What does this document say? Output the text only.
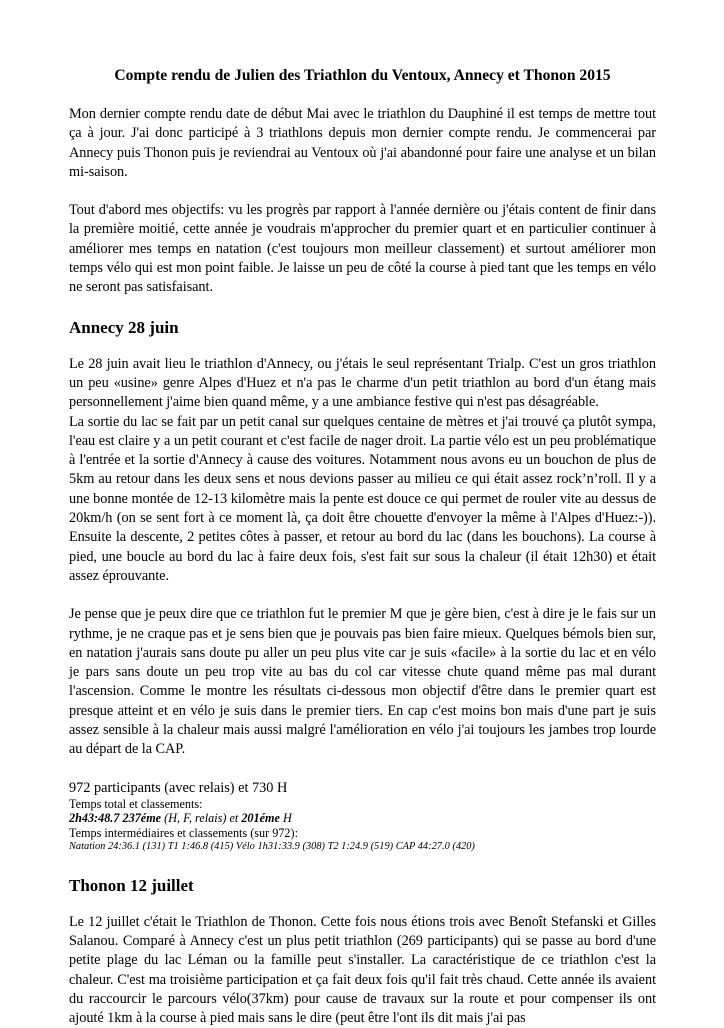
Compte rendu de Julien des Triathlon du Ventoux, Annecy et Thonon 2015

Mon dernier compte rendu date de début Mai avec le triathlon du Dauphiné il est temps de mettre tout ça à jour. J'ai donc participé à 3 triathlons depuis mon dernier compte rendu. Je commencerai par Annecy puis Thonon puis je reviendrai au Ventoux où j'ai abandonné pour faire une analyse et un bilan mi-saison.

Tout d'abord mes objectifs: vu les progrès par rapport à l'année dernière ou j'étais content de finir dans la première moitié, cette année je voudrais m'approcher du premier quart et en particulier continuer à améliorer mes temps en natation (c'est toujours mon meilleur classement) et surtout améliorer mon temps vélo qui est mon point faible. Je laisse un peu de côté la course à pied tant que les temps en vélo ne seront pas satisfaisant.

Annecy 28 juin

Le 28 juin avait lieu le triathlon d'Annecy, ou j'étais le seul représentant Trialp. C'est un gros triathlon un peu «usine» genre Alpes d'Huez et n'a pas le charme d'un petit triathlon au bord d'un étang mais personnellement j'aime bien quand même, y a une ambiance festive qui n'est pas désagréable.

La sortie du lac se fait par un petit canal sur quelques centaine de mètres et j'ai trouvé ça plutôt sympa, l'eau est claire y a un petit courant et c'est facile de nager droit. La partie vélo est un peu problématique à l'entrée et la sortie d'Annecy à cause des voitures. Notamment nous avons eu un bouchon de plus de 5km au retour dans les deux sens et nous devions passer au milieu ce qui était assez rock’n’roll. Il y a une bonne montée de 12-13 kilomètre mais la pente est douce ce qui permet de rouler vite au dessus de 20km/h (on se sent fort à ce moment là, ça doit être chouette d'envoyer la même à l'Alpes d'Huez:-)). Ensuite la descente, 2 petites côtes à passer, et retour au bord du lac (dans les bouchons). La course à pied, une boucle au bord du lac à faire deux fois, s'est fait sur sous la chaleur (il était 12h30) et était assez éprouvante.

Je pense que je peux dire que ce triathlon fut le premier M que je gère bien, c'est à dire je le fais sur un rythme, je ne craque pas et je sens bien que je pouvais pas bien faire mieux. Quelques bémols bien sur, en natation j'aurais sans doute pu aller un peu plus vite car je suis «facile» à la sortie du lac et en vélo je pars sans doute un peu trop vite au bas du col car vitesse chute quand même pas mal durant l'ascension. Comme le montre les résultats ci-dessous mon objectif d'être dans le premier quart est presque atteint et en vélo je suis dans le premier tiers. En cap c'est moins bon mais d'une part je suis assez sensible à la chaleur mais aussi malgré l'amélioration en vélo j'ai toujours les jambes trop lourde au départ de la CAP.

972 participants (avec relais) et 730 H

Temps total et classements:

2h43:48.7 237éme (H, F, relais) et 201éme H

Temps intermédiaires et classements (sur 972):

Natation 24:36.1 (131) T1 1:46.8 (415) Vélo 1h31:33.9 (308) T2 1:24.9 (519) CAP 44:27.0 (420)

Thonon 12 juillet

Le 12 juillet c'était le Triathlon de Thonon. Cette fois nous étions trois avec Benoît Stefanski et Gilles Salanou. Comparé à Annecy c'est un plus petit triathlon (269 participants) qui se passe au bord d'une petite plage du lac Léman ou la famille peut s'installer. La caractéristique de ce triathlon c'est la chaleur. C'est ma troisième participation et ça fait deux fois qu'il fait très chaud. Cette année ils avaient du raccourcir le parcours vélo(37km) pour cause de travaux sur la route et pour compenser ils ont ajouté 1km à la course à pied mais sans le dire (peut être l'ont ils dit mais j'ai pas
